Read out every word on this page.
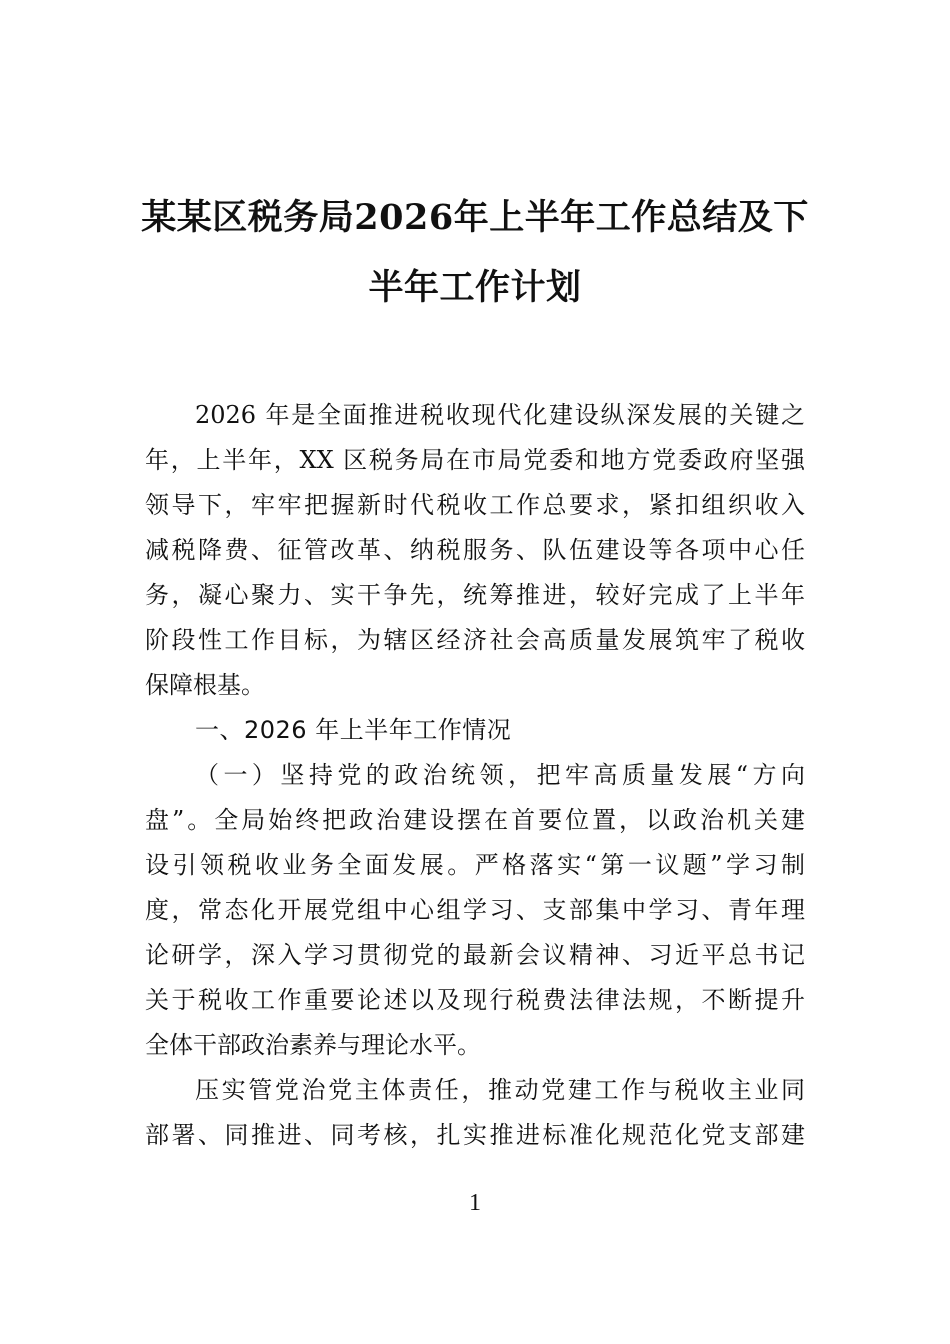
某某区税务局2026年上半年工作总结及下
半年工作计划
2026 年是全面推进税收现代化建设纵深发展的关键之
年，上半年，XX 区税务局在市局党委和地方党委政府坚强
领导下，牢牢把握新时代税收工作总要求，紧扣组织收入
减税降费、征管改革、纳税服务、队伍建设等各项中心任
务，凝心聚力、实干争先，统筹推进，较好完成了上半年
阶段性工作目标，为辖区经济社会高质量发展筑牢了税收
保障根基。
一、2026 年上半年工作情况
（一）坚持党的政治统领，把牢高质量发展“方向
盘”。全局始终把政治建设摆在首要位置，以政治机关建
设引领税收业务全面发展。严格落实“第一议题”学习制
度，常态化开展党组中心组学习、支部集中学习、青年理
论研学，深入学习贯彻党的最新会议精神、习近平总书记
关于税收工作重要论述以及现行税费法律法规，不断提升
全体干部政治素养与理论水平。
压实管党治党主体责任，推动党建工作与税收主业同
部署、同推进、同考核，扎实推进标准化规范化党支部建
1
